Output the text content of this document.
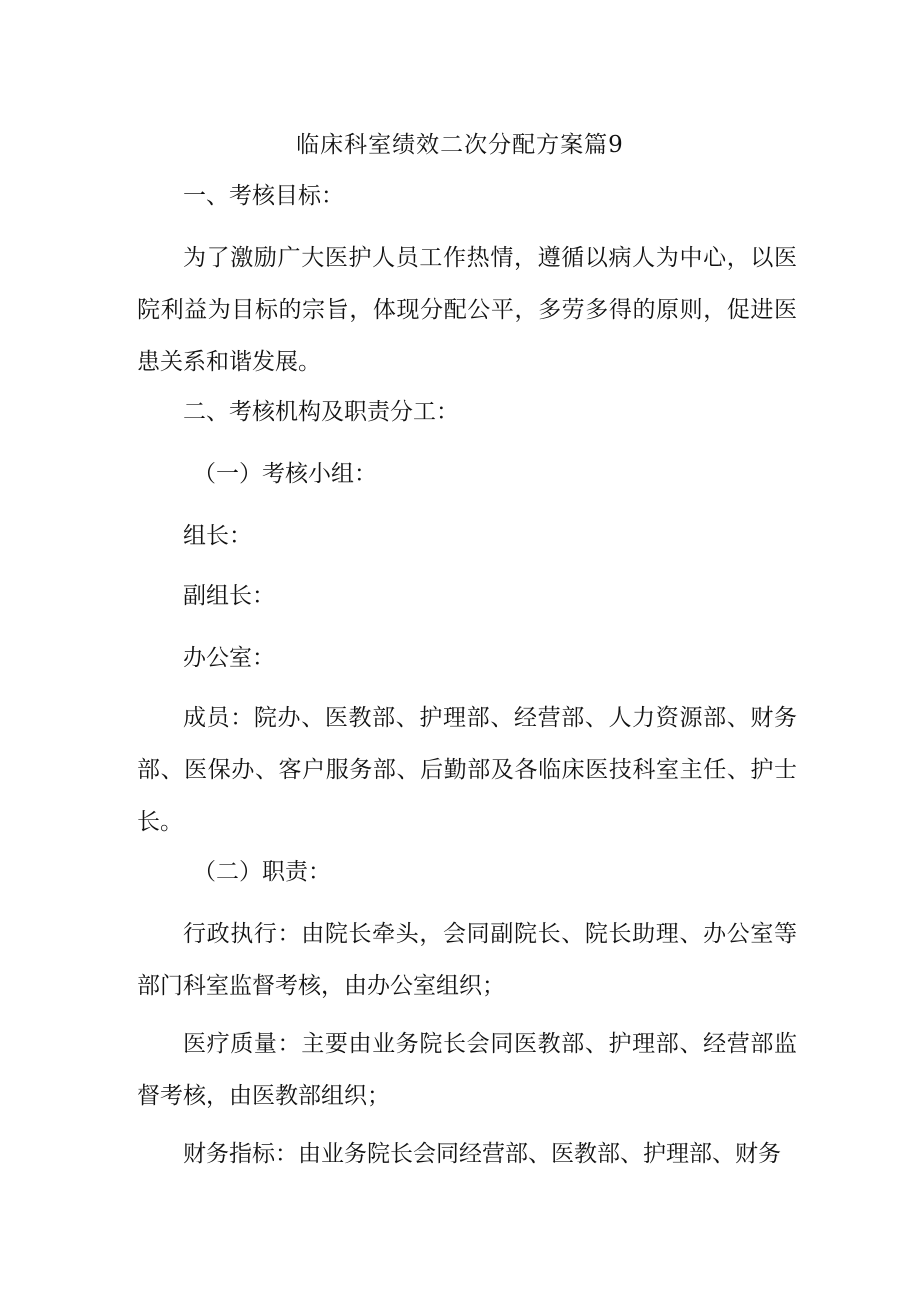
临床科室绩效二次分配方案篇9

一、考核目标：

为了激励广大医护人员工作热情，遵循以病人为中心，以医院利益为目标的宗旨，体现分配公平，多劳多得的原则，促进医患关系和谐发展。

二、考核机构及职责分工：

（一）考核小组：

组长：

副组长：

办公室：

成员：院办、医教部、护理部、经营部、人力资源部、财务部、医保办、客户服务部、后勤部及各临床医技科室主任、护士长。

（二）职责：

行政执行：由院长牵头，会同副院长、院长助理、办公室等部门科室监督考核，由办公室组织；

医疗质量：主要由业务院长会同医教部、护理部、经营部监督考核，由医教部组织；

财务指标：由业务院长会同经营部、医教部、护理部、财务
